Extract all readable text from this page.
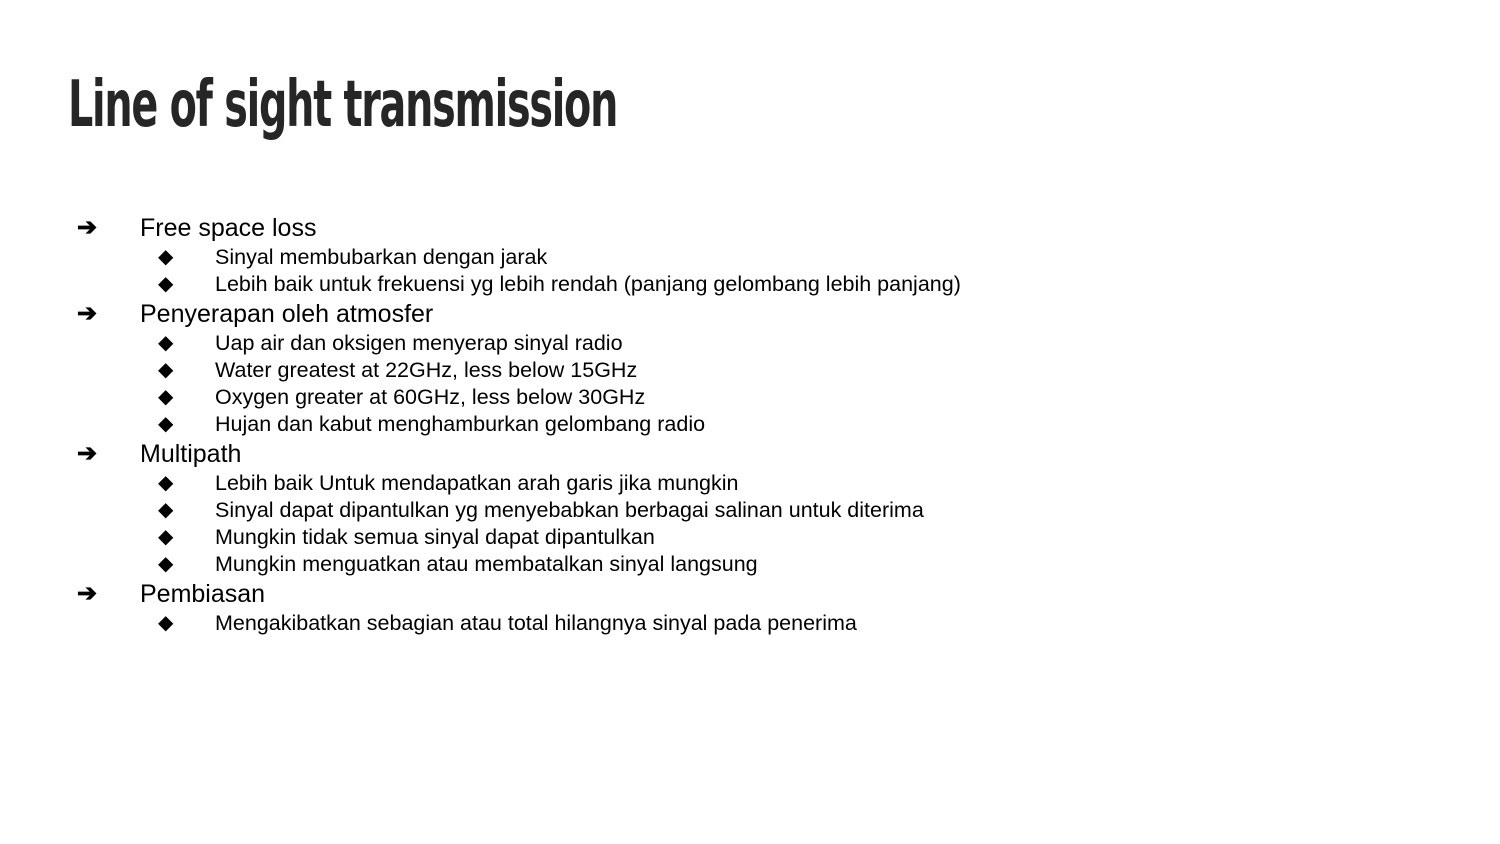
Line of sight transmission
➔	Free space loss
◆ Sinyal membubarkan dengan jarak
◆ Lebih baik untuk frekuensi yg lebih rendah (panjang gelombang lebih panjang)
➔	Penyerapan oleh atmosfer
◆ Uap air dan oksigen menyerap sinyal radio
◆ Water greatest at 22GHz, less below 15GHz
◆ Oxygen greater at 60GHz, less below 30GHz
◆ Hujan dan kabut menghamburkan gelombang radio
➔	Multipath
◆ Lebih baik Untuk mendapatkan arah garis jika mungkin
◆ Sinyal dapat dipantulkan yg menyebabkan berbagai salinan untuk diterima
◆ Mungkin tidak semua sinyal dapat dipantulkan
◆ Mungkin menguatkan atau membatalkan sinyal langsung
➔	Pembiasan
◆ Mengakibatkan sebagian atau total hilangnya sinyal pada penerima
